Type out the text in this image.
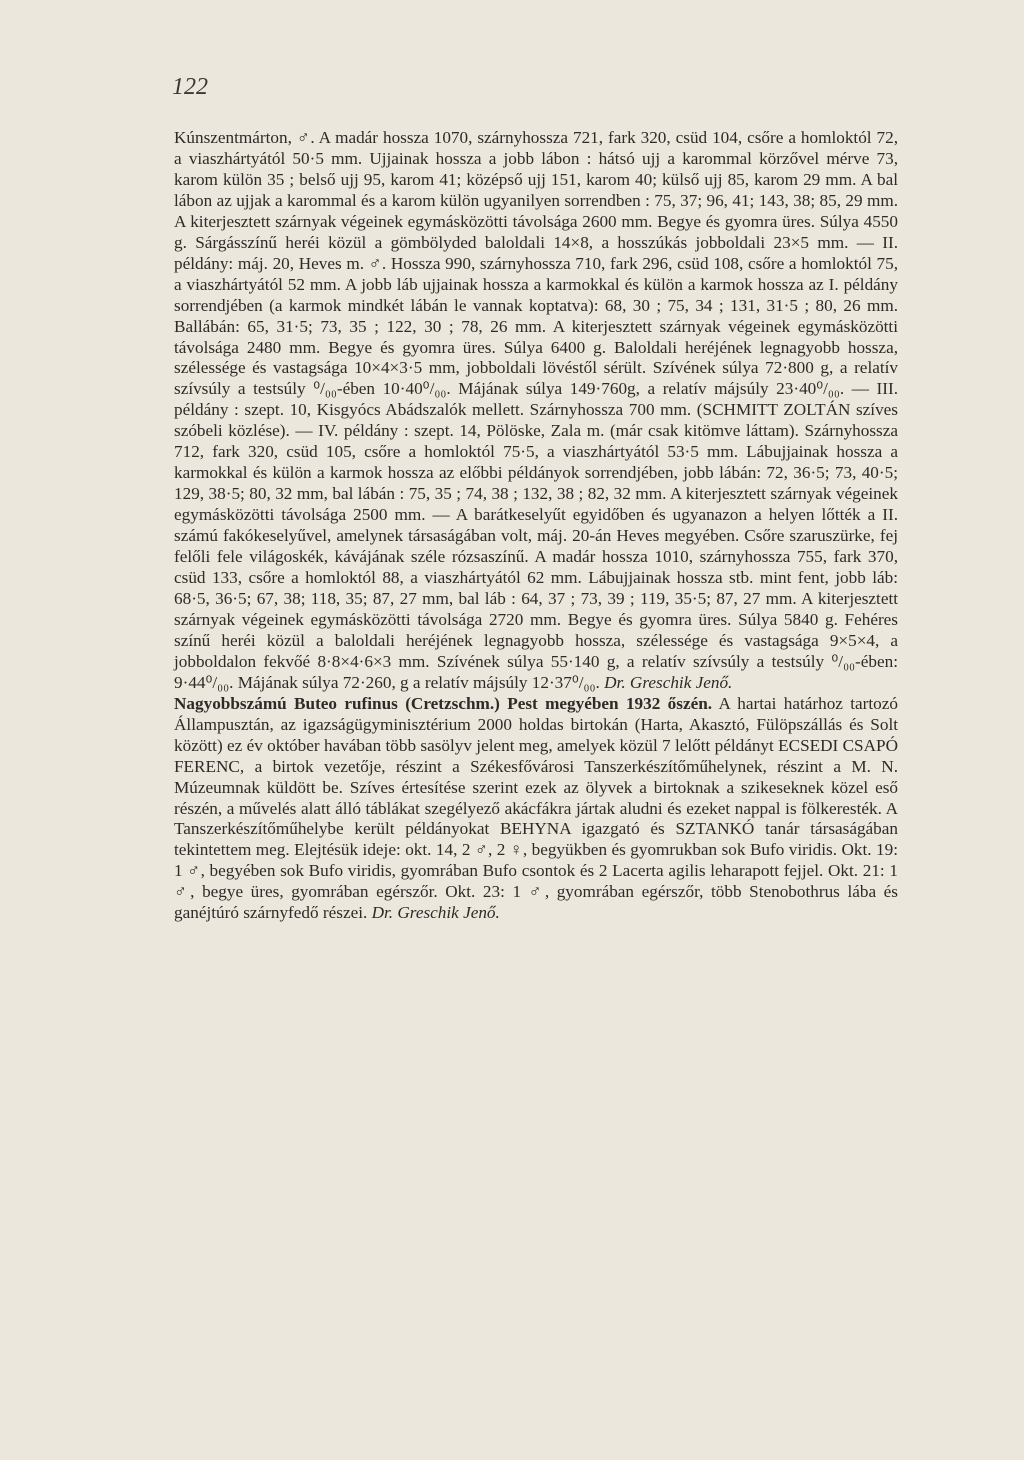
122

Kúnszentmárton, ♂. A madár hossza 1070, szárnyhossza 721, fark 320, csüd 104, csőre a homloktól 72, a viaszhártyától 50·5 mm. Ujjainak hossza a jobb lábon : hátsó ujj a karommal körzővel mérve 73, karom külön 35 ; belső ujj 95, karom 41; középső ujj 151, karom 40; külső ujj 85, karom 29 mm. A bal lábon az ujjak a karommal és a karom külön ugyanilyen sorrendben : 75, 37; 96, 41; 143, 38; 85, 29 mm. A kiterjesztett szárnyak végeinek egymásközötti távolsága 2600 mm. Begye és gyomra üres. Súlya 4550 g. Sárgásszínű heréi közül a gömbölyded baloldali 14×8, a hosszúkás jobboldali 23×5 mm. — II. példány: máj. 20, Heves m. ♂. Hossza 990, szárnyhossza 710, fark 296, csüd 108, csőre a homloktól 75, a viaszhártyától 52 mm. A jobb láb ujjainak hossza a karmokkal és külön a karmok hossza az I. példány sorrendjében (a karmok mindkét lábán le vannak koptatva): 68, 30 ; 75, 34 ; 131, 31·5 ; 80, 26 mm. Ballábán: 65, 31·5; 73, 35 ; 122, 30 ; 78, 26 mm. A kiterjesztett szárnyak végeinek egymásközötti távolsága 2480 mm. Begye és gyomra üres. Súlya 6400 g. Baloldali heréjének legnagyobb hossza, szélessége és vastagsága 10×4×3·5 mm, jobboldali lövéstől sérült. Szívének súlya 72·800 g, a relatív szívsúly a testsúly ⁰/₀₀-ében 10·40⁰/₀₀. Májának súlya 149·760g, a relatív májsúly 23·40⁰/₀₀. — III. példány : szept. 10, Kisgyócs Abádszalók mellett. Szárnyhossza 700 mm. (SCHMITT ZOLTÁN szíves szóbeli közlése). — IV. példány : szept. 14, Pölöske, Zala m. (már csak kitömve láttam). Szárnyhossza 712, fark 320, csüd 105, csőre a homloktól 75·5, a viaszhártyától 53·5 mm. Lábujjainak hossza a karmokkal és külön a karmok hossza az előbbi példányok sorrendjében, jobb lábán: 72, 36·5; 73, 40·5; 129, 38·5; 80, 32 mm, bal lábán : 75, 35 ; 74, 38 ; 132, 38 ; 82, 32 mm. A kiterjesztett szárnyak végeinek egymásközötti távolsága 2500 mm. — A barátkeselyűt egyidőben és ugyanazon a helyen lőtték a II. számú fakókeselyűvel, amelynek társaságában volt, máj. 20-án Heves megyében. Csőre szaruszürke, fej felőli fele világoskék, kávájának széle rózsaszínű. A madár hossza 1010, szárnyhossza 755, fark 370, csüd 133, csőre a homloktól 88, a viaszhártyától 62 mm. Lábujjainak hossza stb. mint fent, jobb láb: 68·5, 36·5; 67, 38; 118, 35; 87, 27 mm, bal láb : 64, 37 ; 73, 39 ; 119, 35·5; 87, 27 mm. A kiterjesztett szárnyak végeinek egymásközötti távolsága 2720 mm. Begye és gyomra üres. Súlya 5840 g. Fehéres színű heréi közül a baloldali heréjének legnagyobb hossza, szélessége és vastagsága 9×5×4, a jobboldalon fekvőé 8·8×4·6×3 mm. Szívének súlya 55·140 g, a relatív szívsúly a testsúly ⁰/₀₀-ében: 9·44⁰/₀₀. Májának súlya 72·260, g a relatív májsúly 12·37⁰/₀₀. Dr. Greschik Jenő.

Nagyobbszámú Buteo rufinus (Cretzschm.) Pest megyében 1932 őszén. A hartai határhoz tartozó Állampusztán, az igazságügyminisztérium 2000 holdas birtokán (Harta, Akasztó, Fülöpszállás és Solt között) ez év október havában több sasölyv jelent meg, amelyek közül 7 lelőtt példányt ECSEDI CSAPÓ FERENC, a birtok vezetője, részint a Székesfővárosi Tanszerkészítőműhelynek, részint a M. N. Múzeumnak küldött be. Szíves értesítése szerint ezek az ölyvek a birtoknak a szikeseknek közel eső részén, a művelés alatt álló táblákat szegélyező akácfákra jártak aludni és ezeket nappal is fölkeresték. A Tanszerkészítőműhelybe került példányokat BEHYNA igazgató és SZTANKÓ tanár társaságában tekintettem meg. Elejtésük ideje: okt. 14, 2 ♂, 2 ♀, begyükben és gyomrukban sok Bufo viridis. Okt. 19: 1 ♂, begyében sok Bufo viridis, gyomrában Bufo csontok és 2 Lacerta agilis leharapott fejjel. Okt. 21: 1 ♂, begye üres, gyomrában egérszőr. Okt. 23: 1 ♂, gyomrában egérszőr, több Stenobothrus lába és ganéjtúró szárnyfedő részei. Dr. Greschik Jenő.
